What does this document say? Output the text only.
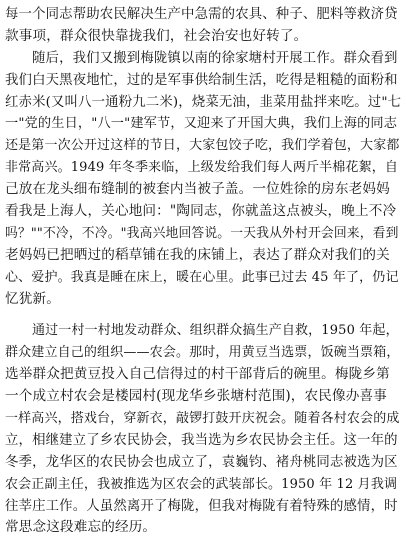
每一个同志帮助农民解决生产中急需的农具、种子、肥料等救济贷
款事项，群众很快靠拢我们，社会治安也好转了。
随后，我们又搬到梅陇镇以南的徐家塘村开展工作。群众看到
我们白天黑夜地忙，过的是军事供给制生活，吃得是粗糙的面粉和
红赤米(又叫八一通粉九二米)，烧菜无油，韭菜用盐拌来吃。过"七
一"党的生日，"八一"建军节，又迎来了开国大典，我们上海的同志
还是第一次公开过这样的节日，大家包饺子吃，我们学着包，大家都
非常高兴。1949 年冬季来临，上级发给我们每人两斤半棉花絮，自
己放在龙头细布缝制的被套内当被子盖。一位姓徐的房东老妈妈
看我是上海人，关心地问："陶同志，你就盖这点被头，晚上不冷
吗？""不冷，不冷。"我高兴地回答说。一天我从外村开会回来，看到
老妈妈已把晒过的稻草铺在我的床铺上，表达了群众对我们的关
心、爱护。我真是睡在床上，暖在心里。此事已过去 45 年了，仍记
忆犹新。
通过一村一村地发动群众、组织群众搞生产自救，1950 年起，
群众建立自己的组织——农会。那时，用黄豆当选票，饭碗当票箱，
选举群众把黄豆投入自己信得过的村干部背后的碗里。梅陇乡第
一个成立村农会是楼园村(现龙华乡张塘村范围)，农民像办喜事
一样高兴，搭戏台，穿新衣，敲锣打鼓开庆祝会。随着各村农会的成
立，相继建立了乡农民协会，我当选为乡农民协会主任。这一年的
冬季，龙华区的农民协会也成立了，袁巍钧、褚舟桃同志被选为区
农会正副主任，我被推选为区农会的武装部长。1950 年 12 月我调
往莘庄工作。人虽然离开了梅陇，但我对梅陇有着特殊的感情，时
常思念这段难忘的经历。
